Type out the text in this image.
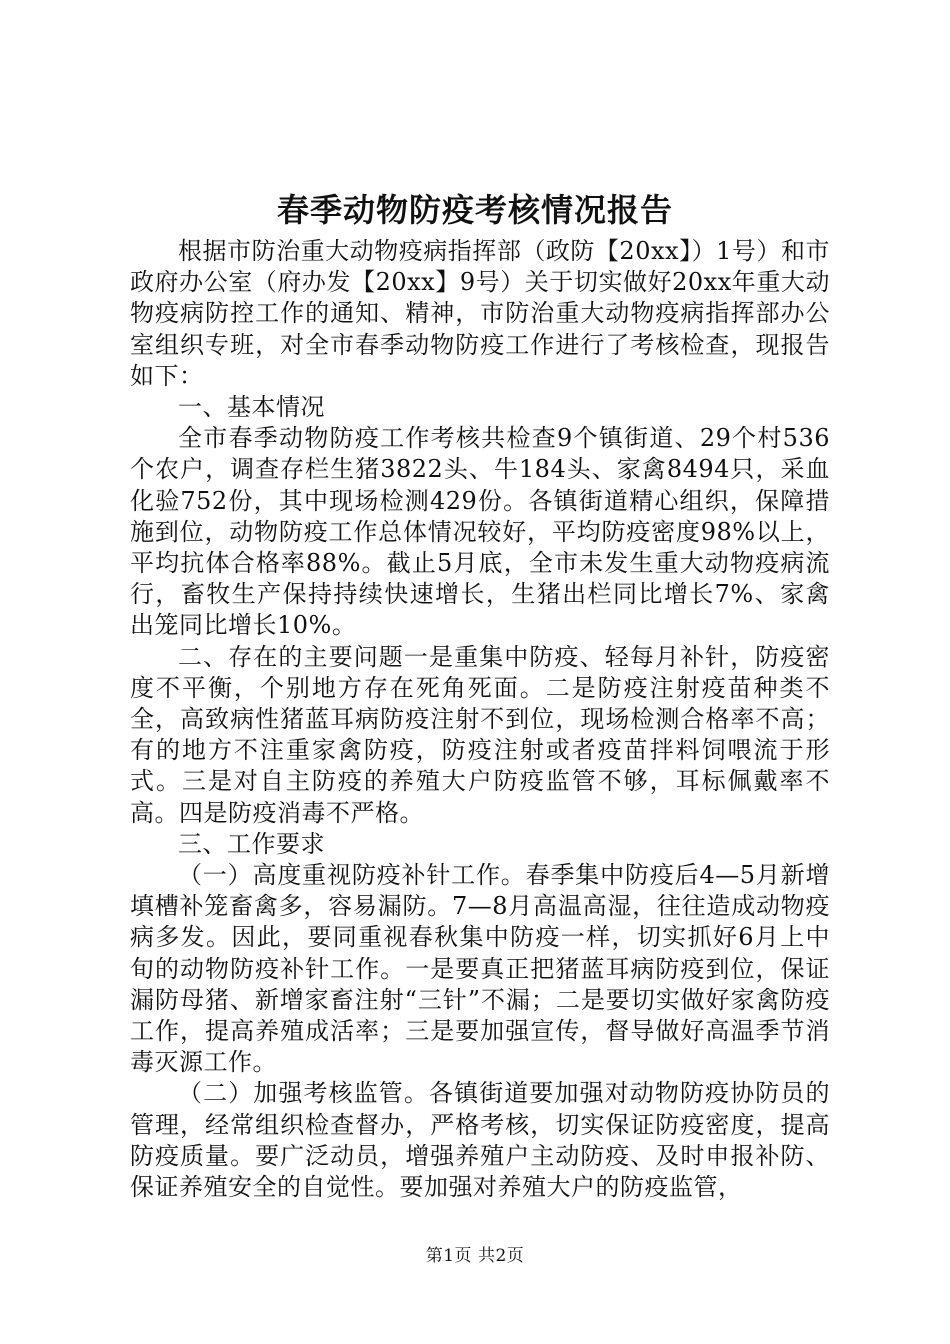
春季动物防疫考核情况报告

根据市防治重大动物疫病指挥部（政防【20xx】）1号）和市政府办公室（府办发【20xx】9号）关于切实做好20xx年重大动物疫病防控工作的通知、精神，市防治重大动物疫病指挥部办公室组织专班，对全市春季动物防疫工作进行了考核检查，现报告如下：

一、基本情况

全市春季动物防疫工作考核共检查9个镇街道、29个村536个农户，调查存栏生猪3822头、牛184头、家禽8494只，采血化验752份，其中现场检测429份。各镇街道精心组织，保障措施到位，动物防疫工作总体情况较好，平均防疫密度98%以上，平均抗体合格率88%。截止5月底，全市未发生重大动物疫病流行，畜牧生产保持持续快速增长，生猪出栏同比增长7%、家禽出笼同比增长10%。

二、存在的主要问题一是重集中防疫、轻每月补针，防疫密度不平衡，个别地方存在死角死面。二是防疫注射疫苗种类不全，高致病性猪蓝耳病防疫注射不到位，现场检测合格率不高；有的地方不注重家禽防疫，防疫注射或者疫苗拌料饲喂流于形式。三是对自主防疫的养殖大户防疫监管不够，耳标佩戴率不高。四是防疫消毒不严格。

三、工作要求

（一）高度重视防疫补针工作。春季集中防疫后4—5月新增填槽补笼畜禽多，容易漏防。7—8月高温高湿，往往造成动物疫病多发。因此，要同重视春秋集中防疫一样，切实抓好6月上中旬的动物防疫补针工作。一是要真正把猪蓝耳病防疫到位，保证漏防母猪、新增家畜注射“三针”不漏；二是要切实做好家禽防疫工作，提高养殖成活率；三是要加强宣传，督导做好高温季节消毒灭源工作。

（二）加强考核监管。各镇街道要加强对动物防疫协防员的管理，经常组织检查督办，严格考核，切实保证防疫密度，提高防疫质量。要广泛动员，增强养殖户主动防疫、及时申报补防、保证养殖安全的自觉性。要加强对养殖大户的防疫监管，

第1页 共2页
